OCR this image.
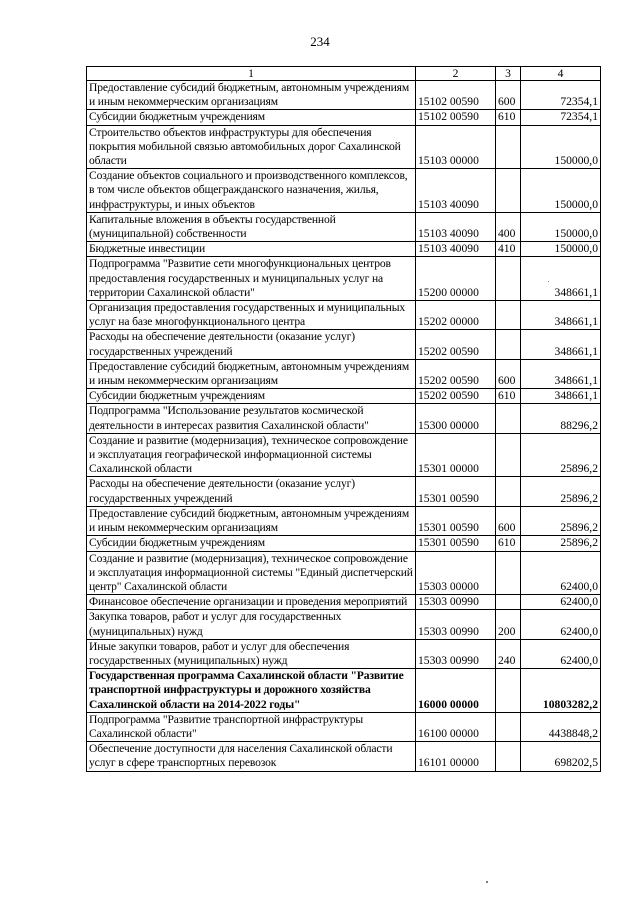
234
1	2	3	4
Предоставление субсидий бюджетным, автономным учреждениям и иным некоммерческим организациям	15102 00590	600	72354,1
Субсидии бюджетным учреждениям	15102 00590	610	72354,1
Строительство объектов инфраструктуры для обеспечения покрытия мобильной связью автомобильных дорог Сахалинской области	15103 00000		150000,0
Создание объектов социального и производственного комплексов, в том числе объектов общегражданского назначения, жилья, инфраструктуры, и иных объектов	15103 40090		150000,0
Капитальные вложения в объекты государственной (муниципальной) собственности	15103 40090	400	150000,0
Бюджетные инвестиции	15103 40090	410	150000,0
Подпрограмма "Развитие сети многофункциональных центров предоставления государственных и муниципальных услуг на территории Сахалинской области"	15200 00000		348661,1
Организация предоставления государственных и муниципальных услуг на базе многофункционального центра	15202 00000		348661,1
Расходы на обеспечение деятельности (оказание услуг) государственных учреждений	15202 00590		348661,1
Предоставление субсидий бюджетным, автономным учреждениям и иным некоммерческим организациям	15202 00590	600	348661,1
Субсидии бюджетным учреждениям	15202 00590	610	348661,1
Подпрограмма "Использование результатов космической деятельности в интересах развития Сахалинской области"	15300 00000		88296,2
Создание и развитие (модернизация), техническое сопровождение и эксплуатация географической информационной системы Сахалинской области	15301 00000		25896,2
Расходы на обеспечение деятельности (оказание услуг) государственных учреждений	15301 00590		25896,2
Предоставление субсидий бюджетным, автономным учреждениям и иным некоммерческим организациям	15301 00590	600	25896,2
Субсидии бюджетным учреждениям	15301 00590	610	25896,2
Создание и развитие (модернизация), техническое сопровождение и эксплуатация информационной системы "Единый диспетчерский центр" Сахалинской области	15303 00000		62400,0
Финансовое обеспечение организации и проведения мероприятий	15303 00990		62400,0
Закупка товаров, работ и услуг для государственных (муниципальных) нужд	15303 00990	200	62400,0
Иные закупки товаров, работ и услуг для обеспечения государственных (муниципальных) нужд	15303 00990	240	62400,0
Государственная программа Сахалинской области "Развитие транспортной инфраструктуры и дорожного хозяйства Сахалинской области на 2014-2022 годы"	16000 00000		10803282,2
Подпрограмма "Развитие транспортной инфраструктуры Сахалинской области"	16100 00000		4438848,2
Обеспечение доступности для населения Сахалинской области услуг в сфере транспортных перевозок	16101 00000		698202,5
